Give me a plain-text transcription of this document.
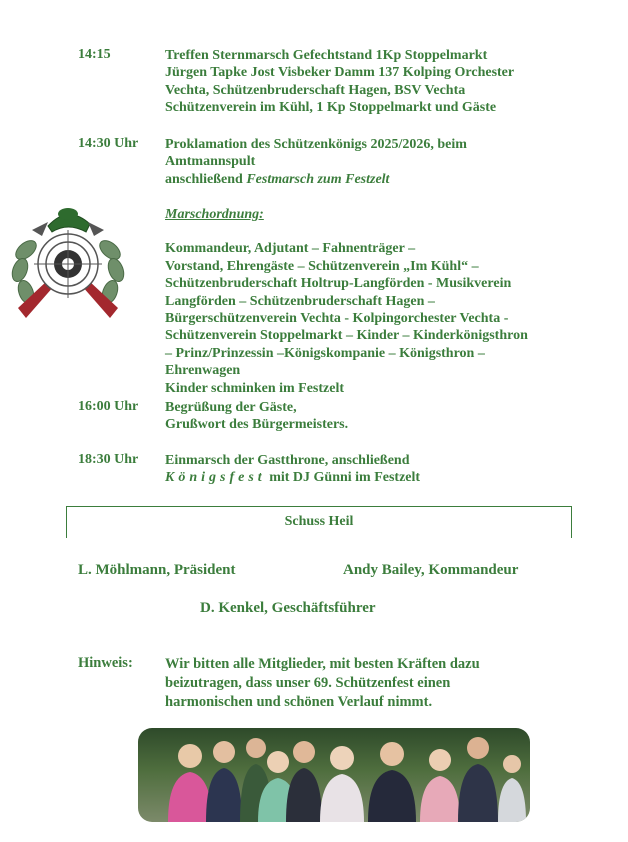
14:15	Treffen Sternmarsch Gefechtstand 1Kp Stoppelmarkt
Jürgen Tapke Jost Visbeker Damm 137 Kolping Orchester
Vechta, Schützenbruderschaft Hagen, BSV Vechta
Schützenverein im Kühl, 1 Kp Stoppelmarkt und Gäste
14:30 Uhr Proklamation des Schützenkönigs 2025/2026, beim
Amtmannspult
anschließend Festmarsch zum Festzelt
Marschordnung:
Kommandeur, Adjutant – Fahnenträger –
Vorstand, Ehrengäste – Schützenverein „Im Kühl“ –
Schützenbruderschaft Holtrup-Langförden - Musikverein
Langförden – Schützenbruderschaft Hagen –
Bürgerschützenverein Vechta - Kolpingorchester Vechta -
Schützenverein Stoppelmarkt – Kinder – Kinderkönigsthron
– Prinz/Prinzessin –Königskompanie – Königsthron –
Ehrenwagen
Kinder schminken im Festzelt
16:00 Uhr Begrüßung der Gäste,
Grußwort des Bürgermeisters.
18:30 Uhr Einmarsch der Gastthrone, anschließend
Königsfest mit DJ Günni im Festzelt
Schuss Heil
L. Möhlmann, Präsident	Andy Bailey, Kommandeur
D. Kenkel, Geschäftsführer
Hinweis: Wir bitten alle Mitglieder, mit besten Kräften dazu
beizutragen, dass unser 69. Schützenfest einen
harmonischen und schönen Verlauf nimmt.
